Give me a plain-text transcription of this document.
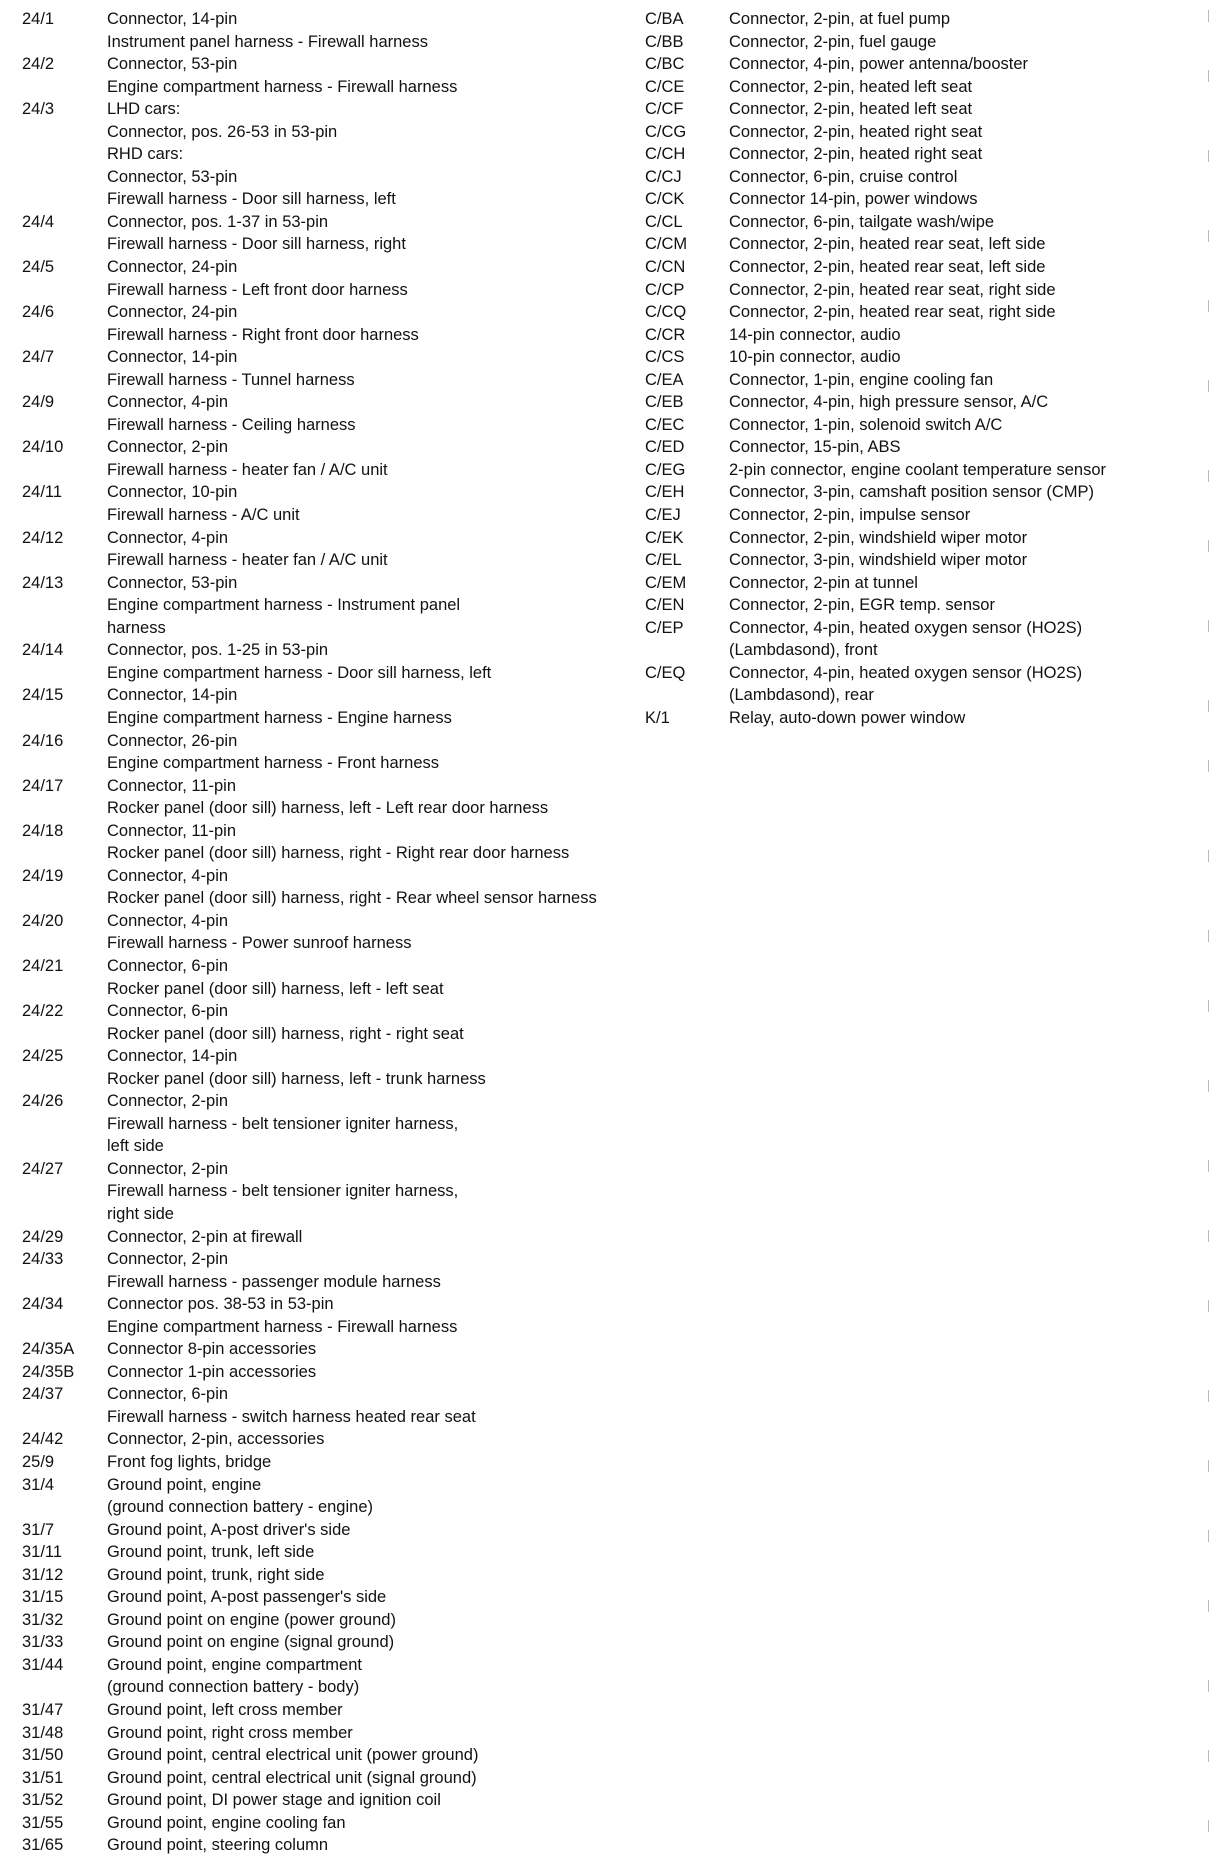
24/1	Connector, 14-pin
Instrument panel harness - Firewall harness
24/2	Connector, 53-pin
Engine compartment harness - Firewall harness
24/3	LHD cars:
Connector, pos. 26-53 in 53-pin
RHD cars:
Connector, 53-pin
Firewall harness - Door sill harness, left
24/4	Connector, pos. 1-37 in 53-pin
Firewall harness - Door sill harness, right
24/5	Connector, 24-pin
Firewall harness - Left front door harness
24/6	Connector, 24-pin
Firewall harness - Right front door harness
24/7	Connector, 14-pin
Firewall harness - Tunnel harness
24/9	Connector, 4-pin
Firewall harness - Ceiling harness
24/10	Connector, 2-pin
Firewall harness - heater fan / A/C unit
24/11	Connector, 10-pin
Firewall harness - A/C unit
24/12	Connector, 4-pin
Firewall harness - heater fan / A/C unit
24/13	Connector, 53-pin
Engine compartment harness - Instrument panel
harness
24/14	Connector, pos. 1-25 in 53-pin
Engine compartment harness - Door sill harness, left
24/15	Connector, 14-pin
Engine compartment harness - Engine harness
24/16	Connector, 26-pin
Engine compartment harness - Front harness
24/17	Connector, 11-pin
Rocker panel (door sill) harness, left - Left rear door harness
24/18	Connector, 11-pin
Rocker panel (door sill) harness, right - Right rear door harness
24/19	Connector, 4-pin
Rocker panel (door sill) harness, right - Rear wheel sensor harness
24/20	Connector, 4-pin
Firewall harness - Power sunroof harness
24/21	Connector, 6-pin
Rocker panel (door sill) harness, left - left seat
24/22	Connector, 6-pin
Rocker panel (door sill) harness, right - right seat
24/25	Connector, 14-pin
Rocker panel (door sill) harness, left - trunk harness
24/26	Connector, 2-pin
Firewall harness - belt tensioner igniter harness,
left side
24/27	Connector, 2-pin
Firewall harness - belt tensioner igniter harness,
right side
24/29	Connector, 2-pin at firewall
24/33	Connector, 2-pin
Firewall harness - passenger module harness
24/34	Connector pos. 38-53 in 53-pin
Engine compartment harness - Firewall harness
24/35A	Connector 8-pin accessories
24/35B	Connector 1-pin accessories
24/37	Connector, 6-pin
Firewall harness - switch harness heated rear seat
24/42	Connector, 2-pin, accessories
25/9	Front fog lights, bridge
31/4	Ground point, engine
(ground connection battery - engine)
31/7	Ground point, A-post driver's side
31/11	Ground point, trunk, left side
31/12	Ground point, trunk, right side
31/15	Ground point, A-post passenger's side
31/32	Ground point on engine (power ground)
31/33	Ground point on engine (signal ground)
31/44	Ground point, engine compartment
(ground connection battery - body)
31/47	Ground point, left cross member
31/48	Ground point, right cross member
31/50	Ground point, central electrical unit (power ground)
31/51	Ground point, central electrical unit (signal ground)
31/52	Ground point, DI power stage and ignition coil
31/55	Ground point, engine cooling fan
31/65	Ground point, steering column
C/BA	Connector, 2-pin, at fuel pump
C/BB	Connector, 2-pin, fuel gauge
C/BC	Connector, 4-pin, power antenna/booster
C/CE	Connector, 2-pin, heated left seat
C/CF	Connector, 2-pin, heated left seat
C/CG	Connector, 2-pin, heated right seat
C/CH	Connector, 2-pin, heated right seat
C/CJ	Connector, 6-pin, cruise control
C/CK	Connector 14-pin, power windows
C/CL	Connector, 6-pin, tailgate wash/wipe
C/CM	Connector, 2-pin, heated rear seat, left side
C/CN	Connector, 2-pin, heated rear seat, left side
C/CP	Connector, 2-pin, heated rear seat, right side
C/CQ	Connector, 2-pin, heated rear seat, right side
C/CR	14-pin connector, audio
C/CS	10-pin connector, audio
C/EA	Connector, 1-pin, engine cooling fan
C/EB	Connector, 4-pin, high pressure sensor, A/C
C/EC	Connector, 1-pin, solenoid switch A/C
C/ED	Connector, 15-pin, ABS
C/EG	2-pin connector, engine coolant temperature sensor
C/EH	Connector, 3-pin, camshaft position sensor (CMP)
C/EJ	Connector, 2-pin, impulse sensor
C/EK	Connector, 2-pin, windshield wiper motor
C/EL	Connector, 3-pin, windshield wiper motor
C/EM	Connector, 2-pin at tunnel
C/EN	Connector, 2-pin, EGR temp. sensor
C/EP	Connector, 4-pin, heated oxygen sensor (HO2S)
(Lambdasond), front
C/EQ	Connector, 4-pin, heated oxygen sensor (HO2S)
(Lambdasond), rear
K/1	Relay, auto-down power window
